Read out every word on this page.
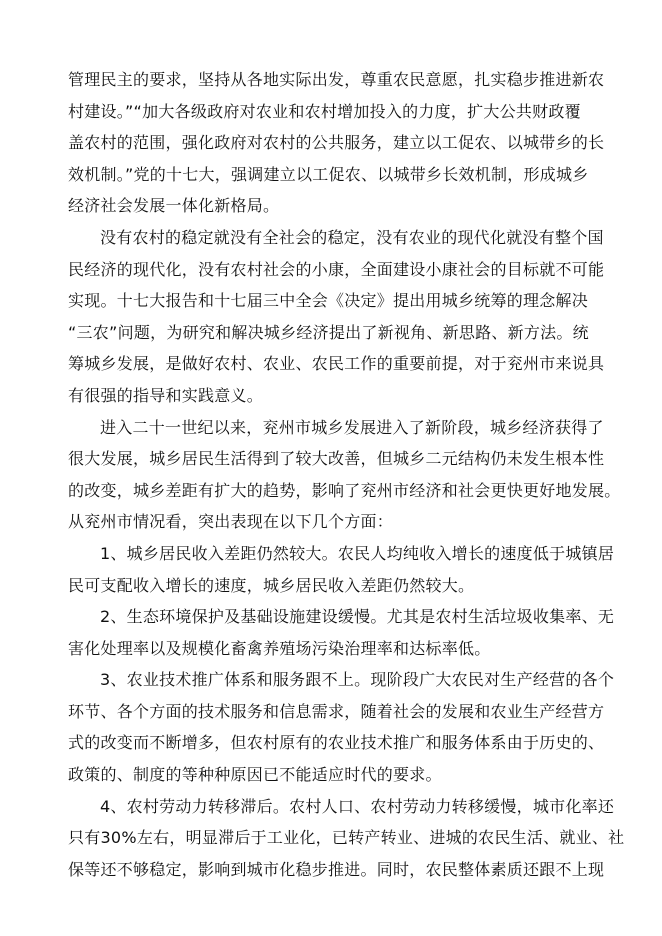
管理民主的要求，坚持从各地实际出发，尊重农民意愿，扎实稳步推进新农
村建设。”“加大各级政府对农业和农村增加投入的力度，扩大公共财政覆
盖农村的范围，强化政府对农村的公共服务，建立以工促农、以城带乡的长
效机制。”党的十七大，强调建立以工促农、以城带乡长效机制，形成城乡
经济社会发展一体化新格局。
没有农村的稳定就没有全社会的稳定，没有农业的现代化就没有整个国
民经济的现代化，没有农村社会的小康，全面建设小康社会的目标就不可能
实现。十七大报告和十七届三中全会《决定》提出用城乡统筹的理念解决
“三农”问题，为研究和解决城乡经济提出了新视角、新思路、新方法。统
筹城乡发展，是做好农村、农业、农民工作的重要前提，对于兖州市来说具
有很强的指导和实践意义。
进入二十一世纪以来，兖州市城乡发展进入了新阶段，城乡经济获得了
很大发展，城乡居民生活得到了较大改善，但城乡二元结构仍未发生根本性
的改变，城乡差距有扩大的趋势，影响了兖州市经济和社会更快更好地发展。
从兖州市情况看，突出表现在以下几个方面：
1、城乡居民收入差距仍然较大。农民人均纯收入增长的速度低于城镇居
民可支配收入增长的速度，城乡居民收入差距仍然较大。
2、生态环境保护及基础设施建设缓慢。尤其是农村生活垃圾收集率、无
害化处理率以及规模化畜禽养殖场污染治理率和达标率低。
3、农业技术推广体系和服务跟不上。现阶段广大农民对生产经营的各个
环节、各个方面的技术服务和信息需求，随着社会的发展和农业生产经营方
式的改变而不断增多，但农村原有的农业技术推广和服务体系由于历史的、
政策的、制度的等种种原因已不能适应时代的要求。
4、农村劳动力转移滞后。农村人口、农村劳动力转移缓慢，城市化率还
只有30%左右，明显滞后于工业化，已转产转业、进城的农民生活、就业、社
保等还不够稳定，影响到城市化稳步推进。同时，农民整体素质还跟不上现
